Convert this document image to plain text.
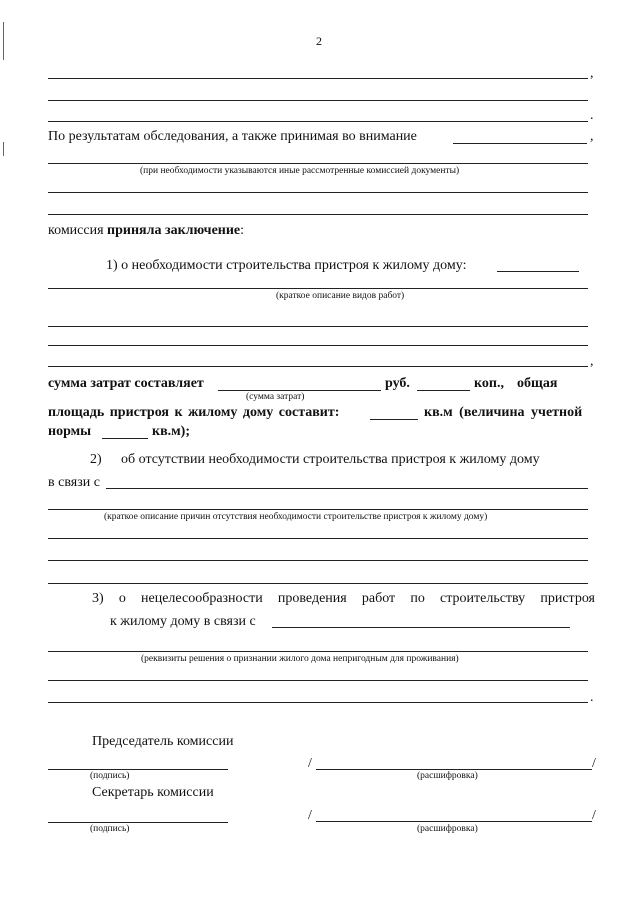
2
,
.
По результатам обследования, а также принимая во внимание	,
(при необходимости указываются иные рассмотренные комиссией документы)
комиссия приняла заключение:
1) о необходимости строительства пристроя к жилому дому:
(краткое описание видов работ)
,
сумма затрат составляет	руб.	коп., общая
(сумма затрат)
площадь пристроя к жилому дому составит:	кв.м (величина учетной
нормы	кв.м);
2) об отсутствии необходимости строительства пристроя к жилому дому
в связи с
(краткое описание причин отсутствия необходимости строительстве пристроя к жилому дому)
3) о нецелесообразности проведения работ по строительству пристроя
к жилому дому в связи с
(реквизиты решения о признании жилого дома непригодным для проживания)
.
Председатель комиссии
(подпись)
/	/
(расшифровка)
Секретарь комиссии
(подпись)
/	/
(расшифровка)
